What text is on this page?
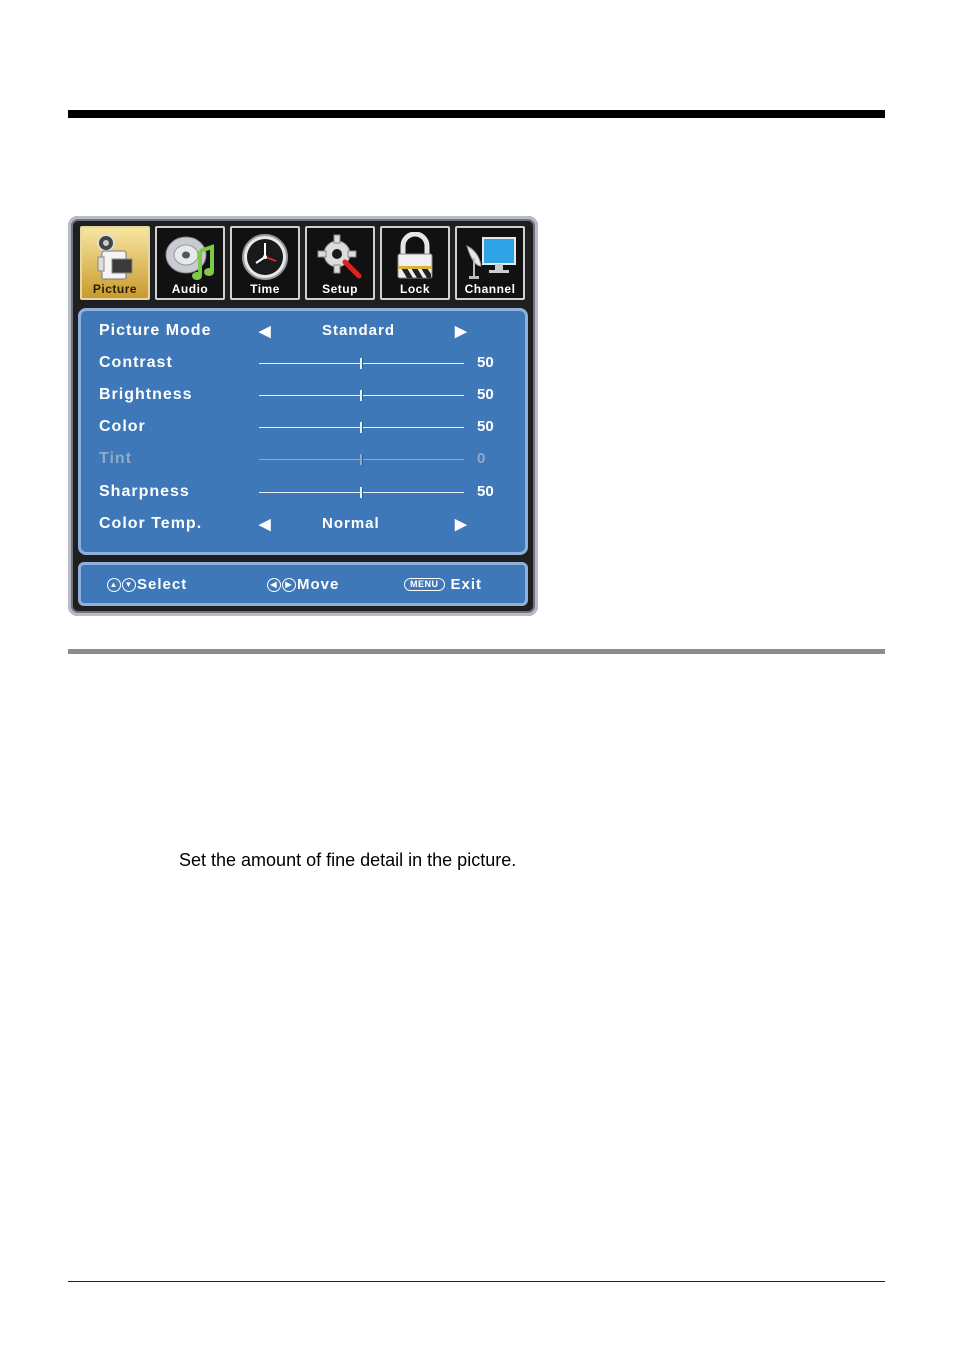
Picture	Audio	Time	Setup	Lock	Channel
Picture Mode	◀	Standard	▶
Contrast	50
Brightness	50
Color	50
Tint	0
Sharpness	50
Color Temp.	◀	Normal	▶
▲ ▼ Select	◀ ▶ Move	MENU Exit
Set the amount of fine detail in the picture.
